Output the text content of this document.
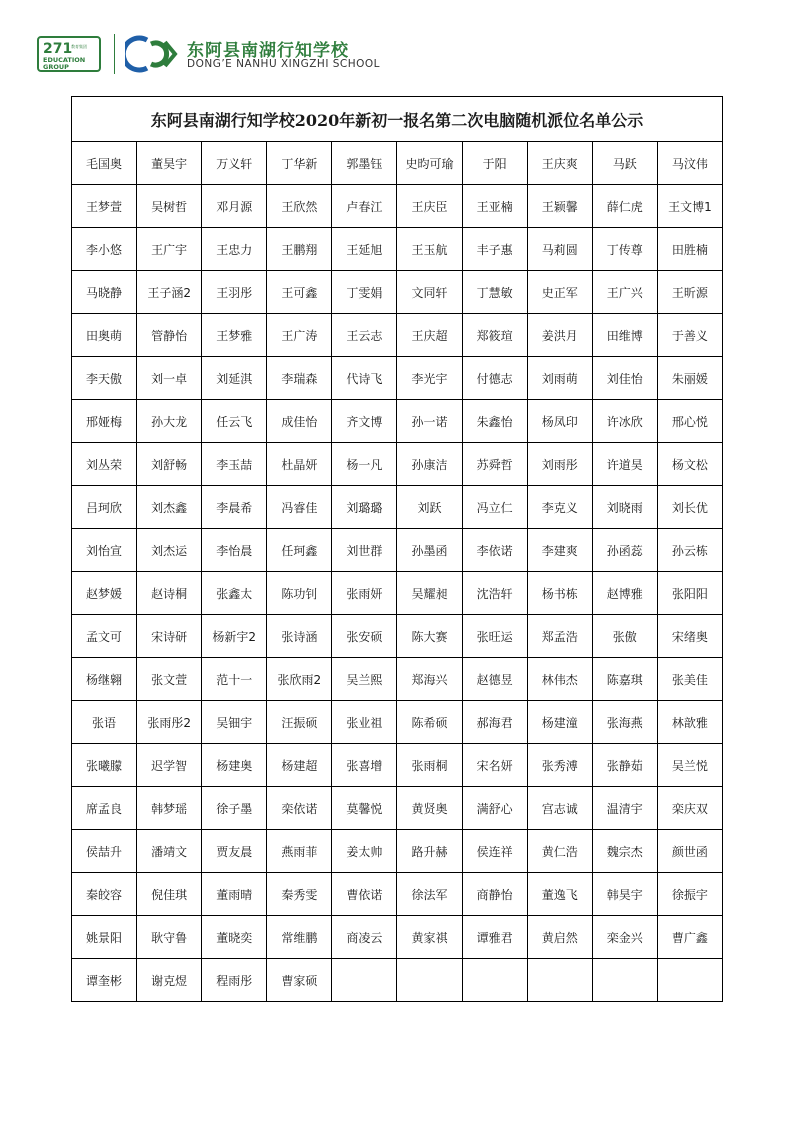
271
教育集团
EDUCATION
GROUP
东阿县南湖行知学校
DONG’E NANHU XINGZHI SCHOOL
东阿县南湖行知学校2020年新初一报名第二次电脑随机派位名单公示									
毛国奥	董昊宇	万义轩	丁华新	郭墨钰	史昀可瑜	于阳	王庆爽	马跃	马汶伟
王梦萱	吴树哲	邓月源	王欣然	卢春江	王庆臣	王亚楠	王颖馨	薛仁虎	王文博1
李小悠	王广宇	王忠力	王鹏翔	王延旭	王玉航	丰子惠	马莉圆	丁传尊	田胜楠
马晓静	王子涵2	王羽彤	王可鑫	丁雯娟	文同轩	丁慧敏	史正军	王广兴	王昕源
田奥萌	管静怡	王梦雅	王广涛	王云志	王庆超	郑筱瑄	姜洪月	田维博	于善义
李天傲	刘一卓	刘延淇	李瑞森	代诗飞	李光宇	付德志	刘雨萌	刘佳怡	朱丽媛
邢娅梅	孙大龙	任云飞	成佳怡	齐文博	孙一诺	朱鑫怡	杨凤印	许冰欣	邢心悦
刘丛荣	刘舒畅	李玉喆	杜晶妍	杨一凡	孙康洁	苏舜哲	刘雨彤	许道昊	杨文松
吕珂欣	刘杰鑫	李晨希	冯睿佳	刘璐璐	刘跃	冯立仁	李克义	刘晓雨	刘长优
刘怡宣	刘杰运	李怡晨	任珂鑫	刘世群	孙墨函	李依诺	李建爽	孙函蕊	孙云栋
赵梦媛	赵诗桐	张鑫太	陈功钊	张雨妍	吴耀昶	沈浩轩	杨书栋	赵博雅	张阳阳
孟文可	宋诗研	杨新宇2	张诗涵	张安硕	陈大赛	张旺运	郑孟浩	张傲	宋绪奥
杨继翱	张文萱	范十一	张欣雨2	吴兰熙	郑海兴	赵德昱	林伟杰	陈嘉琪	张美佳
张语	张雨彤2	吴钿宇	汪振硕	张业祖	陈希硕	郝海君	杨建潼	张海燕	林歆雅
张曦朦	迟学智	杨建奥	杨建超	张喜增	张雨桐	宋名妍	张秀溥	张静茹	吴兰悦
席孟良	韩梦瑶	徐子墨	栾依诺	莫馨悦	黄贤奥	满舒心	宫志诚	温清宇	栾庆双
侯喆升	潘靖文	贾友晨	燕雨菲	姜太帅	路升赫	侯连祥	黄仁浩	魏宗杰	颜世函
秦皎容	倪佳琪	董雨晴	秦秀雯	曹依诺	徐法军	商静怡	董逸飞	韩昊宇	徐振宇
姚景阳	耿守鲁	董晓奕	常维鹏	商凌云	黄家祺	谭雅君	黄启然	栾金兴	曹广鑫
谭奎彬	谢克煜	程雨彤	曹家硕						
